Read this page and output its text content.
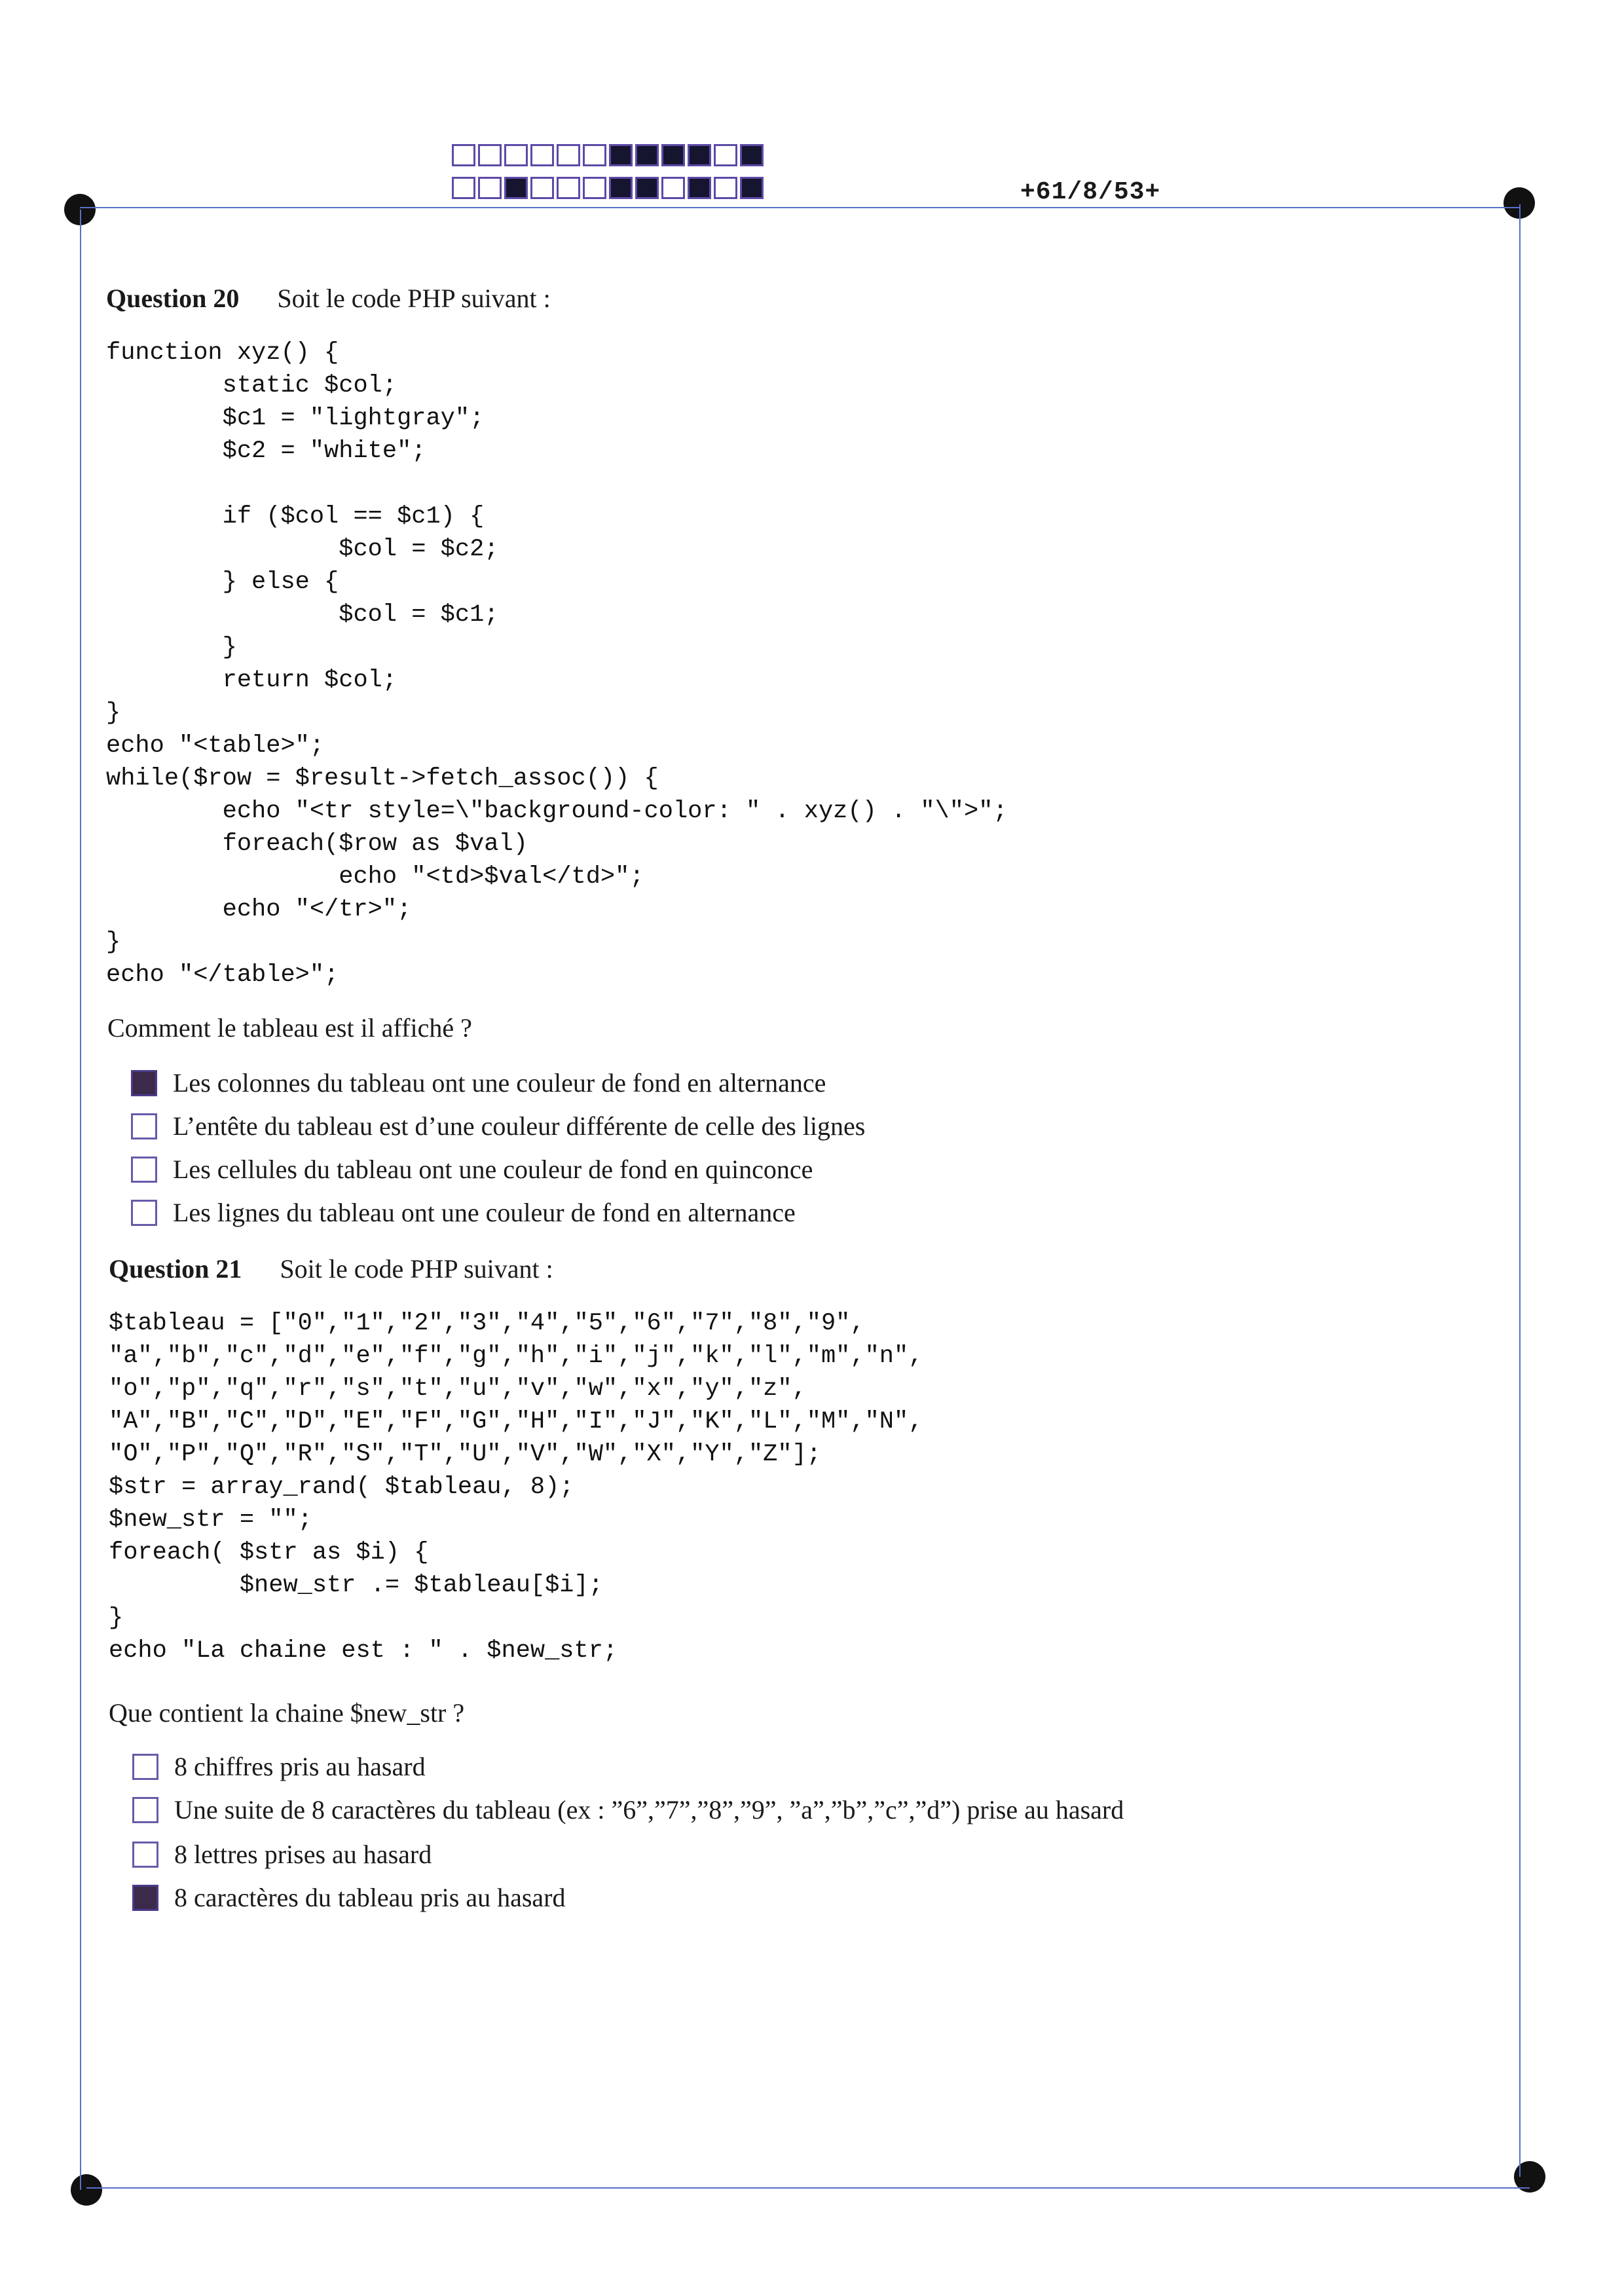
+61/8/53+
Question 20 Soit le code PHP suivant :
function xyz() {
static $col;
$c1 = "lightgray";
$c2 = "white";

if ($col == $c1) {
$col = $c2;
} else {
$col = $c1;
}
return $col;
}
echo "<table>";
while($row = $result->fetch_assoc()) {
echo "<tr style=\"background-color: " . xyz() . "\">";
foreach($row as $val)
echo "<td>$val</td>";
echo "</tr>";
}
echo "</table>";
Comment le tableau est il affiché ?
Les colonnes du tableau ont une couleur de fond en alternance
L’entête du tableau est d’une couleur différente de celle des lignes
Les cellules du tableau ont une couleur de fond en quinconce
Les lignes du tableau ont une couleur de fond en alternance
Question 21 Soit le code PHP suivant :
$tableau = ["0","1","2","3","4","5","6","7","8","9",
"a","b","c","d","e","f","g","h","i","j","k","l","m","n",
"o","p","q","r","s","t","u","v","w","x","y","z",
"A","B","C","D","E","F","G","H","I","J","K","L","M","N",
"O","P","Q","R","S","T","U","V","W","X","Y","Z"];
$str = array_rand( $tableau, 8);
$new_str = "";
foreach( $str as $i) {
$new_str .= $tableau[$i];
}
echo "La chaine est : " . $new_str;
Que contient la chaine $new_str ?
8 chiffres pris au hasard
Une suite de 8 caractères du tableau (ex : ”6”,”7”,”8”,”9”, ”a”,”b”,”c”,”d”) prise au hasard
8 lettres prises au hasard
8 caractères du tableau pris au hasard
